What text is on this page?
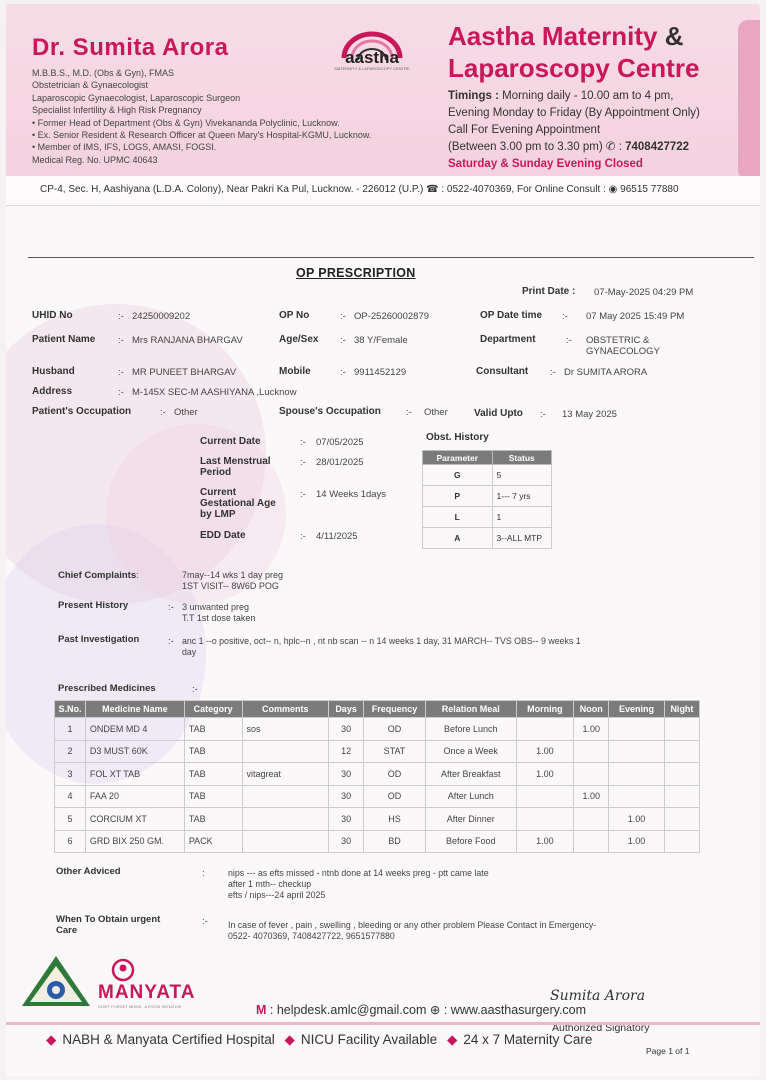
Dr. Sumita Arora
M.B.B.S., M.D. (Obs & Gyn), FMAS
Obstetrician & Gynaecologist
Laparoscopic Gynaecologist, Laparoscopic Surgeon
Specialist Infertility & High Risk Pregnancy
• Former Head of Department (Obs & Gyn) Vivekananda Polyclinic, Lucknow.
• Ex. Senior Resident & Research Officer at Queen Mary's Hospital-KGMU, Lucknow.
• Member of IMS, IFS, LOGS, AMASI, FOGSI.
Medical Reg. No. UPMC 40643
aastha
MATERNITY & LAPAROSCOPY CENTRE
Aastha Maternity &
Laparoscopy Centre
Timings : Morning daily - 10.00 am to 4 pm,
Evening Monday to Friday (By Appointment Only)
Call For Evening Appointment
(Between 3.00 pm to 3.30 pm) ✆ : 7408427722
Saturday & Sunday Evening Closed
CP-4, Sec. H, Aashiyana (L.D.A. Colony), Near Pakri Ka Pul, Lucknow. - 226012 (U.P.) ☎ : 0522-4070369, For Online Consult : ◉ 96515 77880
OP PRESCRIPTION
Print Date : 07-May-2025 04:29 PM
UHID No	:- 24250009202	OP No	:- OP-25260002879	OP Date time :- 07 May 2025 15:49 PM
Patient Name :- Mrs RANJANA BHARGAV	Age/Sex :- 38 Y/Female	Department	:- OBSTETRIC &
GYNAECOLOGY
Husband	:- MR PUNEET BHARGAV	Mobile	:- 9911452129	Consultant :- Dr SUMITA ARORA
Address	:- M-145X SEC-M AASHIYANA ,Lucknow
Patient's Occupation	:- Other	Spouse's Occupation	:- Other	Valid Upto :- 13 May 2025
Current Date	:- 07/05/2025
Last Menstrual
Period
:- 28/01/2025
Current
Gestational Age
by LMP
:- 14 Weeks 1days
EDD Date	:- 4/11/2025
Obst. History
Parameter	Status
G	5
P	1--- 7 yrs
L	1
A	3--ALL MTP
Chief Complaints :	7may--14 wks 1 day preg
1ST VISIT-- 8W6D POG
Present History	:- 3 unwanted preg
T.T 1st dose taken
Past Investigation	:- anc 1 --o positive, oct-- n, hplc--n , nt nb scan -- n 14 weeks 1 day, 31 MARCH-- TVS OBS-- 9 weeks 1
day
Prescribed Medicines	:-
S.No.	Medicine Name	Category	Comments	Days	Frequency	Relation Meal	Morning	Noon	Evening	Night
1	ONDEM MD 4	TAB	sos	30	OD	Before Lunch		1.00		
2	D3 MUST 60K	TAB		12	STAT	Once a Week	1.00			
3	FOL XT TAB	TAB	vitagreat	30	OD	After Breakfast	1.00			
4	FAA 20	TAB		30	OD	After Lunch		1.00		
5	CORCIUM XT	TAB		30	HS	After Dinner			1.00	
6	GRD BIX 250 GM.	PACK		30	BD	Before Food	1.00		1.00	
Other Adviced	:	nips --- as efts missed - ntnb done at 14 weeks preg - ptt came late
after 1 mth-- checkup
efts / nips---24 april 2025
When To Obtain urgent
Care
:- In case of fever , pain , swelling , bleeding or any other problem Please Contact in Emergency-
0522- 4070369, 7408427722, 9651577880
MANYATA
DON'T FORGET MOMS . A FOGSI INITIATIVE	M : helpdesk.amlc@gmail.com ⊕ : www.aasthasurgery.com
Sumita Arora
Authorized Signatory
◆ NABH & Manyata Certified Hospital ◆ NICU Facility Available ◆ 24 x 7 Maternity Care
Page 1 of 1
